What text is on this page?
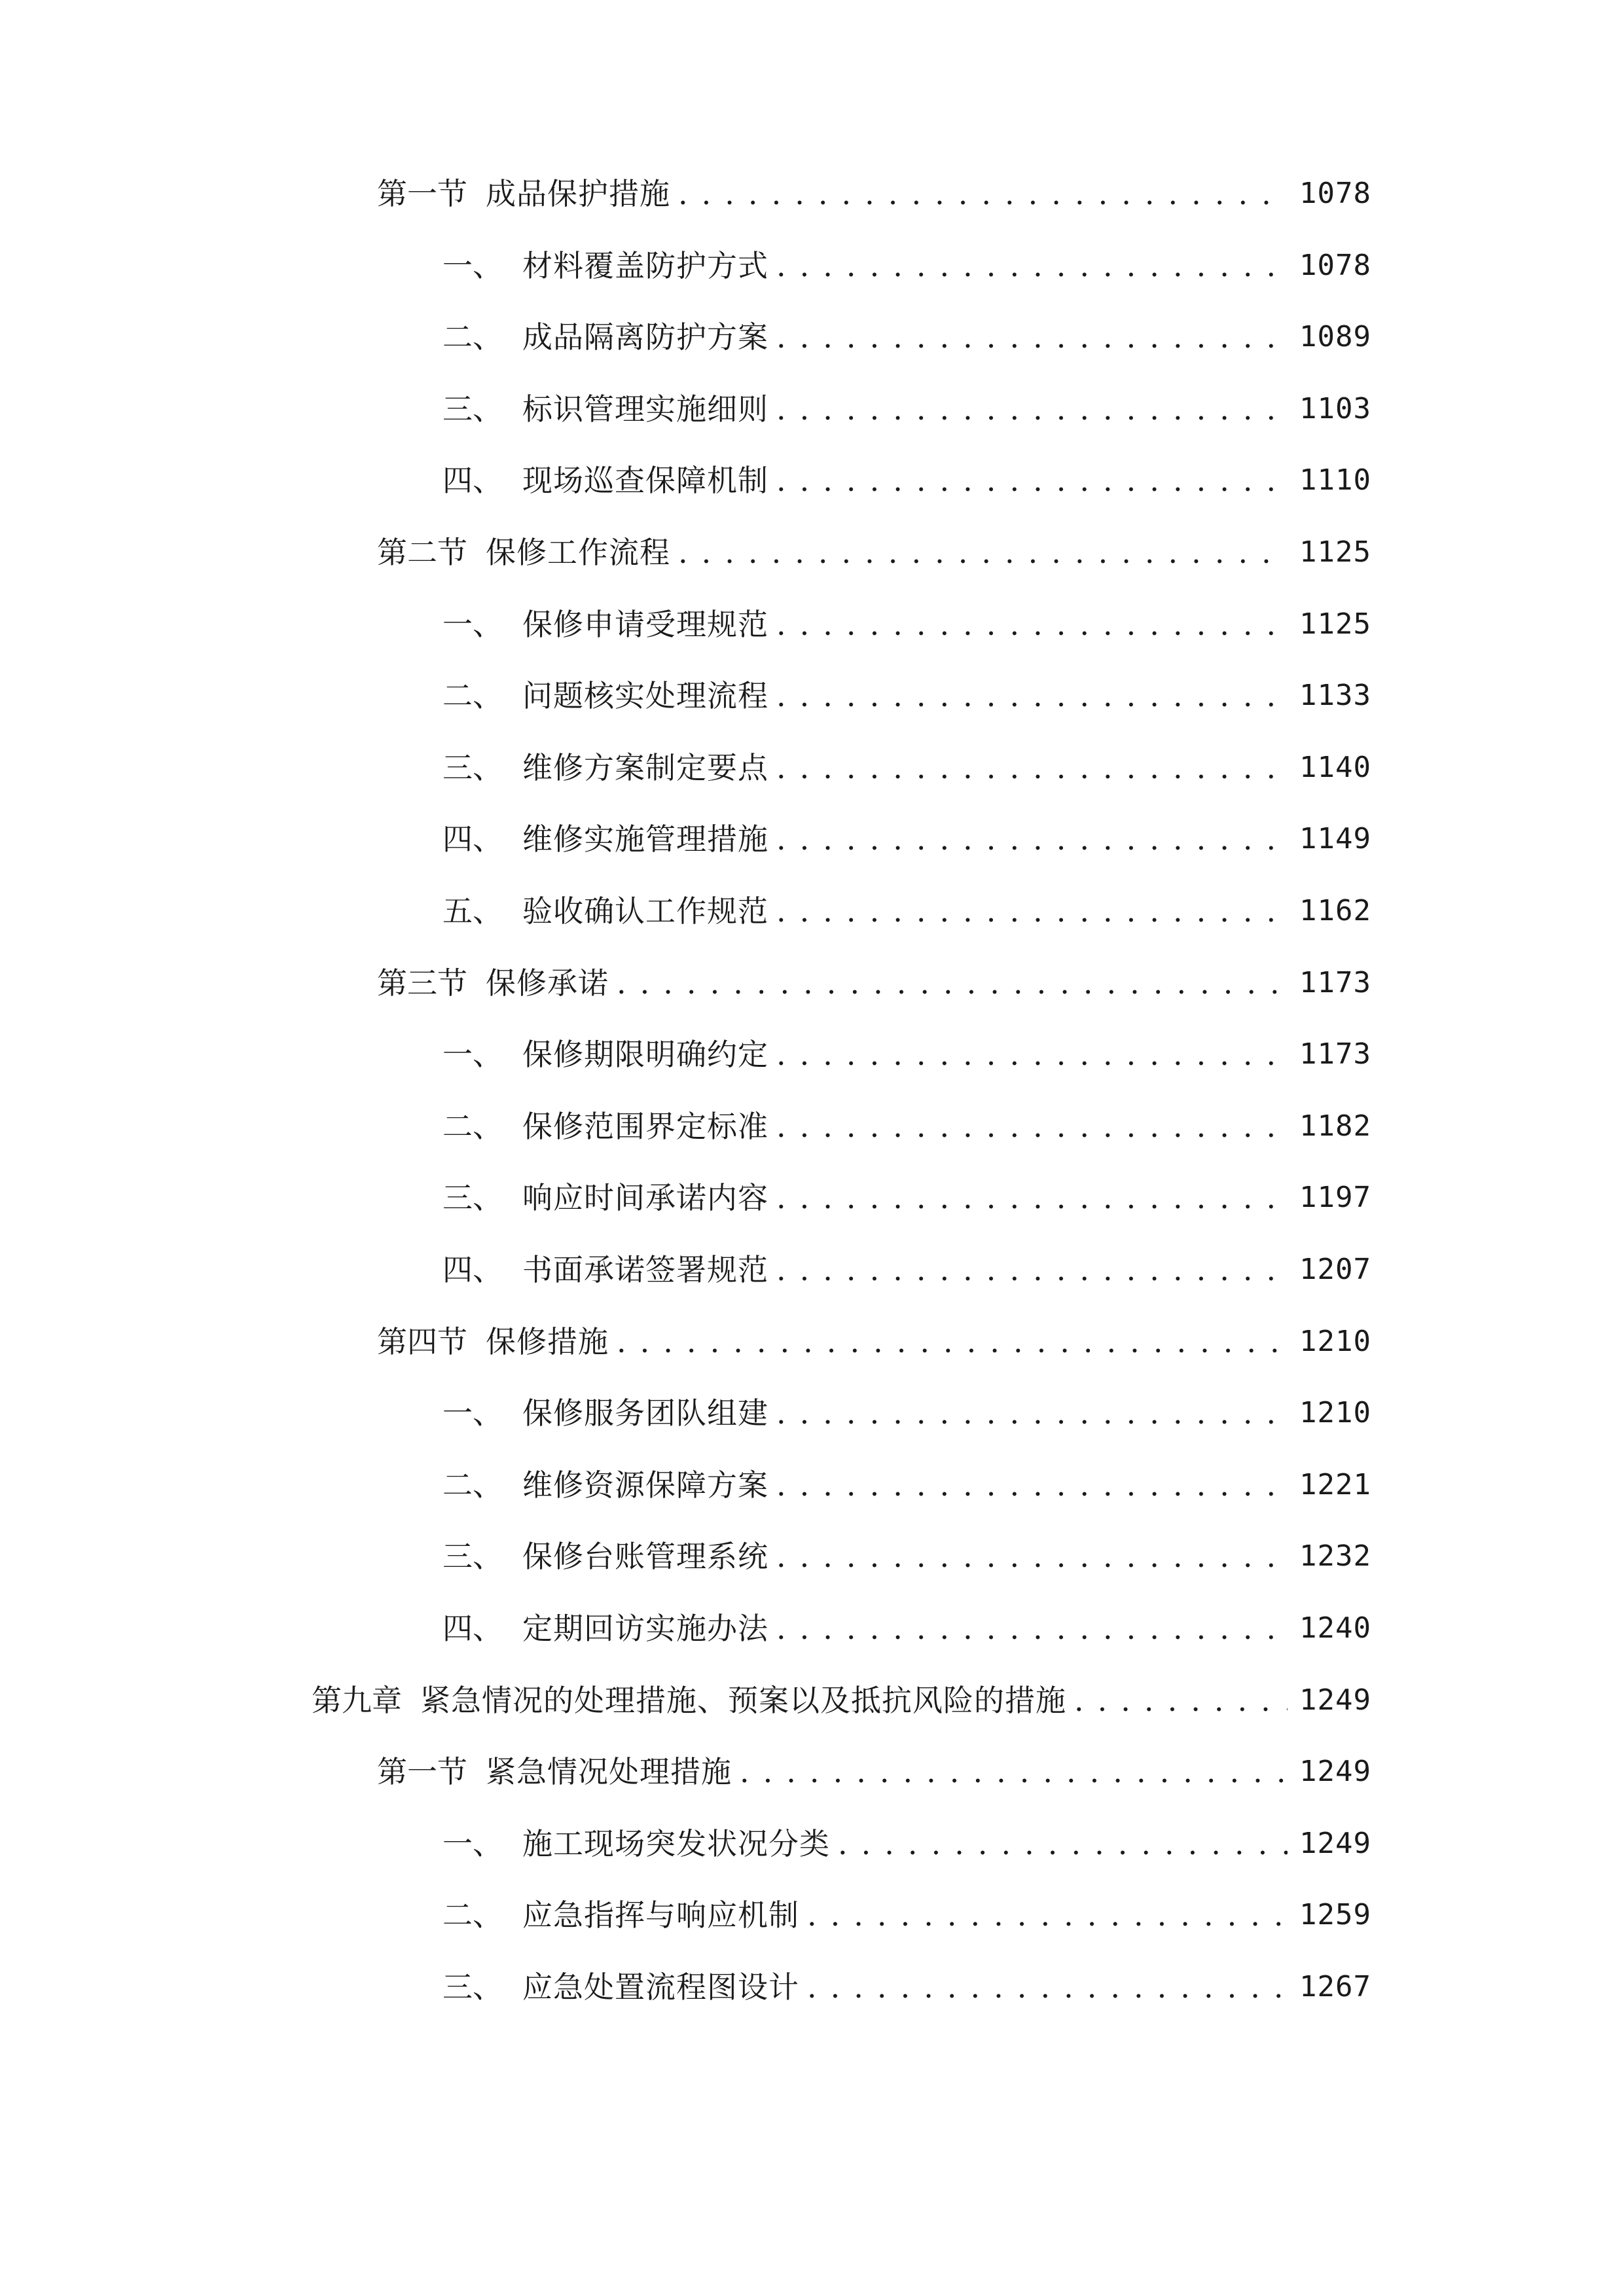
第一节 成品保护措施 . . .	1078
一、 材料覆盖防护方式 . . .	1078
二、 成品隔离防护方案 . . .	1089
三、 标识管理实施细则 . . .	1103
四、 现场巡查保障机制 . . .	1110
第二节 保修工作流程 . . .	1125
一、 保修申请受理规范 . . .	1125
二、 问题核实处理流程 . . .	1133
三、 维修方案制定要点 . . .	1140
四、 维修实施管理措施 . . .	1149
五、 验收确认工作规范 . . .	1162
第三节 保修承诺 . . .	1173
一、 保修期限明确约定 . . .	1173
二、 保修范围界定标准 . . .	1182
三、 响应时间承诺内容 . . .	1197
四、 书面承诺签署规范 . . .	1207
第四节 保修措施 . . .	1210
一、 保修服务团队组建 . . .	1210
二、 维修资源保障方案 . . .	1221
三、 保修台账管理系统 . . .	1232
四、 定期回访实施办法 . . .	1240
第九章 紧急情况的处理措施、预案以及抵抗风险的措施 . . .	1249
第一节 紧急情况处理措施 . . .	1249
一、 施工现场突发状况分类 . . .	1249
二、 应急指挥与响应机制 . . .	1259
三、 应急处置流程图设计 . . .	1267
